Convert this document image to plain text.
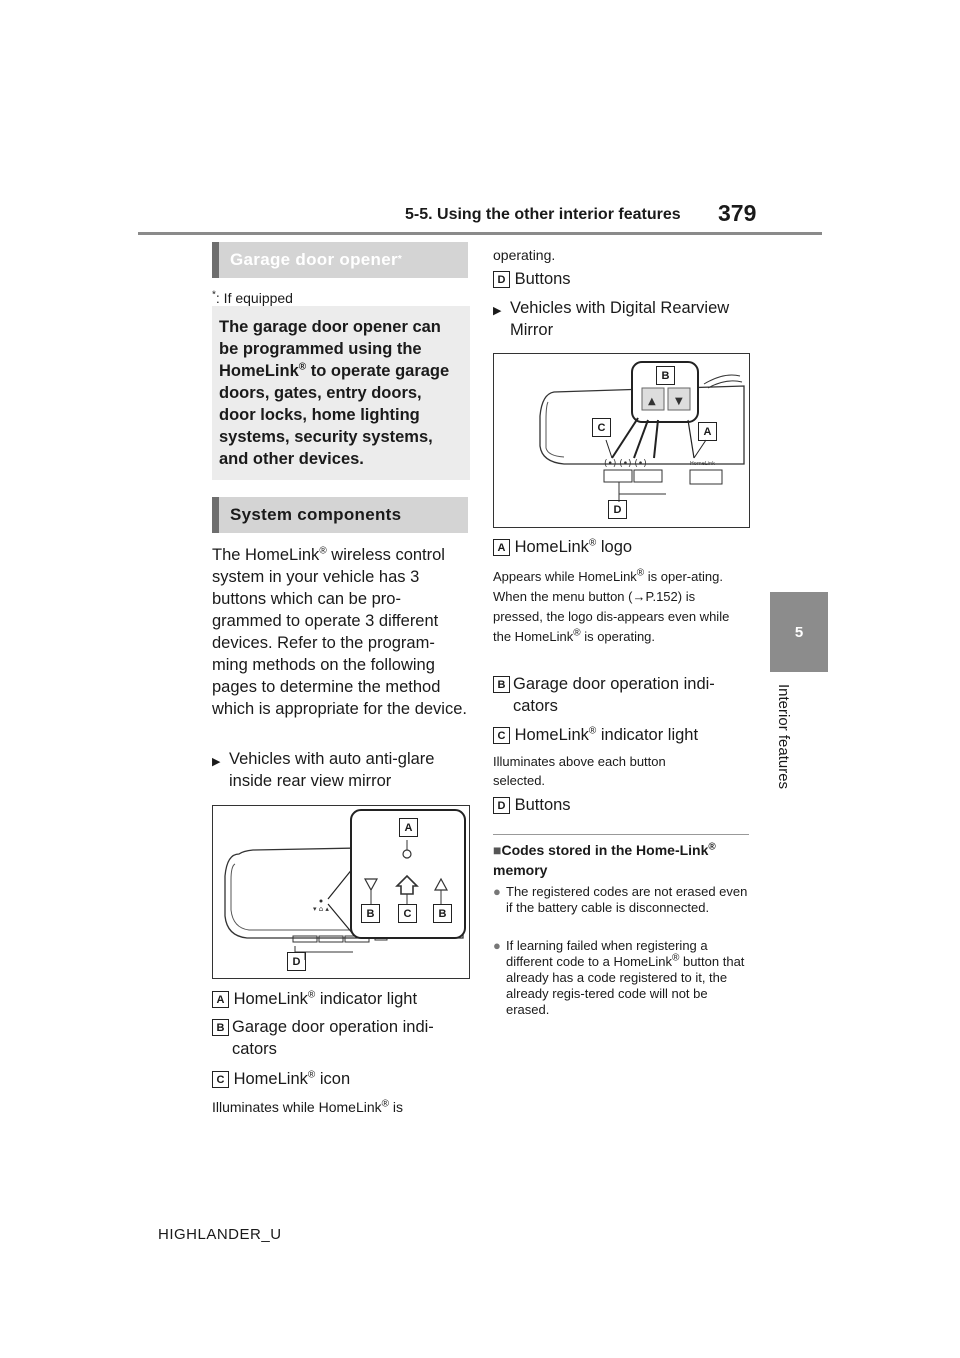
5-5. Using the other interior features 379
5
Interior features
Garage door opener *
*: If equipped
The garage door opener can be programmed using the HomeLink® to operate garage doors, gates, entry doors, door locks, home lighting systems, security systems, and other devices.
System components
The HomeLink® wireless control system in your vehicle has 3 buttons which can be pro-grammed to operate 3 different devices. Refer to the program-ming methods on the following pages to determine the method which is appropriate for the device.
▶ Vehicles with auto anti-glare inside rear view mirror
▾ ⌂ ▴
A
B	C	B
D
A HomeLink® indicator light
B Garage door operation indi-cators
C HomeLink® icon
Illuminates while HomeLink® is
operating.
D Buttons
▶ Vehicles with Digital Rearview Mirror
(•) (•) (•)	HomeLink
▲ ▼
B
C	A
D
A HomeLink® logo
Appears while HomeLink® is oper-ating. When the menu button (→P.152) is pressed, the logo dis-appears even while the HomeLink® is operating.
B Garage door operation indi-cators
C HomeLink® indicator light
Illuminates above each button selected.
D Buttons
■Codes stored in the Home-Link® memory
● The registered codes are not erased even if the battery cable is disconnected.
● If learning failed when registering a different code to a HomeLink® button that already has a code registered to it, the already regis-tered code will not be erased.
HIGHLANDER_U
